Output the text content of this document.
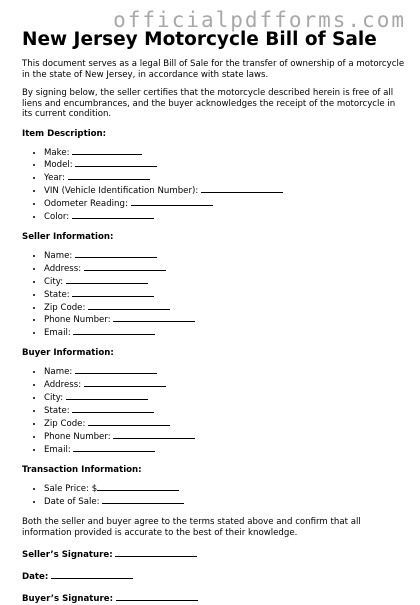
officialpdfforms.com
New Jersey Motorcycle Bill of Sale

This document serves as a legal Bill of Sale for the transfer of ownership of a motorcycle in the state of New Jersey, in accordance with state laws.

By signing below, the seller certifies that the motorcycle described herein is free of all liens and encumbrances, and the buyer acknowledges the receipt of the motorcycle in its current condition.

Item Description:
• Make:
• Model:
• Year:
• VIN (Vehicle Identification Number):
• Odometer Reading:
• Color:
Seller Information:
• Name:
• Address:
• City:
• State:
• Zip Code:
• Phone Number:
• Email:
Buyer Information:
• Name:
• Address:
• City:
• State:
• Zip Code:
• Phone Number:
• Email:
Transaction Information:
• Sale Price: $
• Date of Sale:

Both the seller and buyer agree to the terms stated above and confirm that all information provided is accurate to the best of their knowledge.

Seller’s Signature:
Date:
Buyer’s Signature:
